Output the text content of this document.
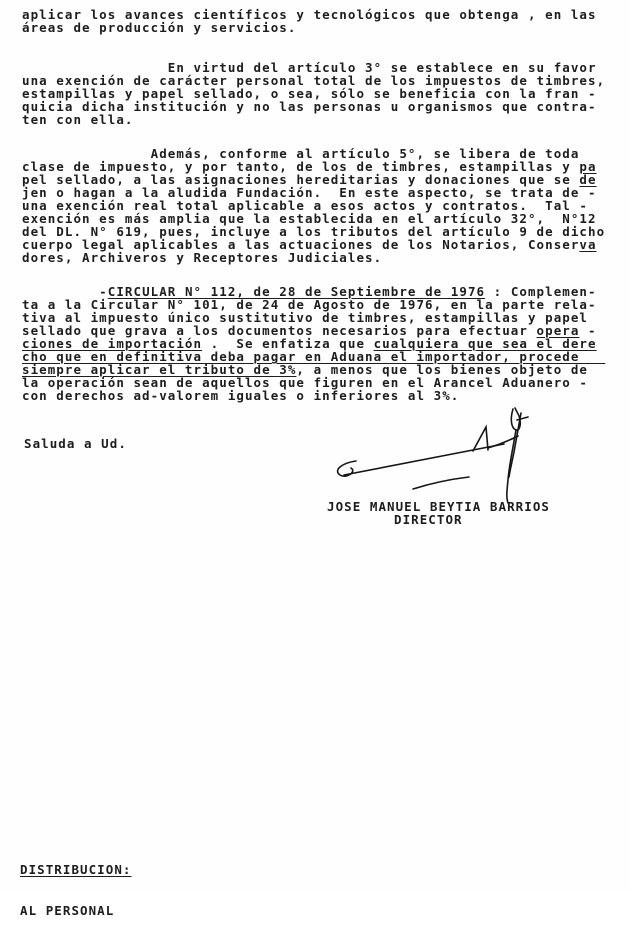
aplicar los avances científicos y tecnológicos que obtenga , en las
áreas de producción y servicios.
En virtud del artículo 3° se establece en su favor
una exención de carácter personal total de los impuestos de timbres,
estampillas y papel sellado, o sea, sólo se beneficia con la fran -
quicia dicha institución y no las personas u organismos que contra-
ten con ella.
Además, conforme al artículo 5°, se libera de toda
clase de impuesto, y por tanto, de los de timbres, estampillas y pa
pel sellado, a las asignaciones hereditarias y donaciones que se de
jen o hagan a la aludida Fundación.  En este aspecto, se trata de -
una exención real total aplicable a esos actos y contratos.  Tal -
exención es más amplia que la establecida en el artículo 32°,  N°12
del DL. N° 619, pues, incluye a los tributos del artículo 9 de dicho
cuerpo legal aplicables a las actuaciones de los Notarios, Conserva
dores, Archiveros y Receptores Judiciales.
-CIRCULAR N° 112, de 28 de Septiembre de 1976 : Complemen-
ta a la Circular N° 101, de 24 de Agosto de 1976, en la parte rela-
tiva al impuesto único sustitutivo de timbres, estampillas y papel
sellado que grava a los documentos necesarios para efectuar opera -
ciones de importación .  Se enfatiza que cualquiera que sea el dere
cho que en definitiva deba pagar en Aduana el importador, procede
siempre aplicar el tributo de 3%, a menos que los bienes objeto de
la operación sean de aquellos que figuren en el Arancel Aduanero -
con derechos ad-valorem iguales o inferiores al 3%.
Saluda a Ud.
JOSE MANUEL BEYTIA BARRIOS
DIRECTOR

DISTRIBUCION:

AL PERSONAL
